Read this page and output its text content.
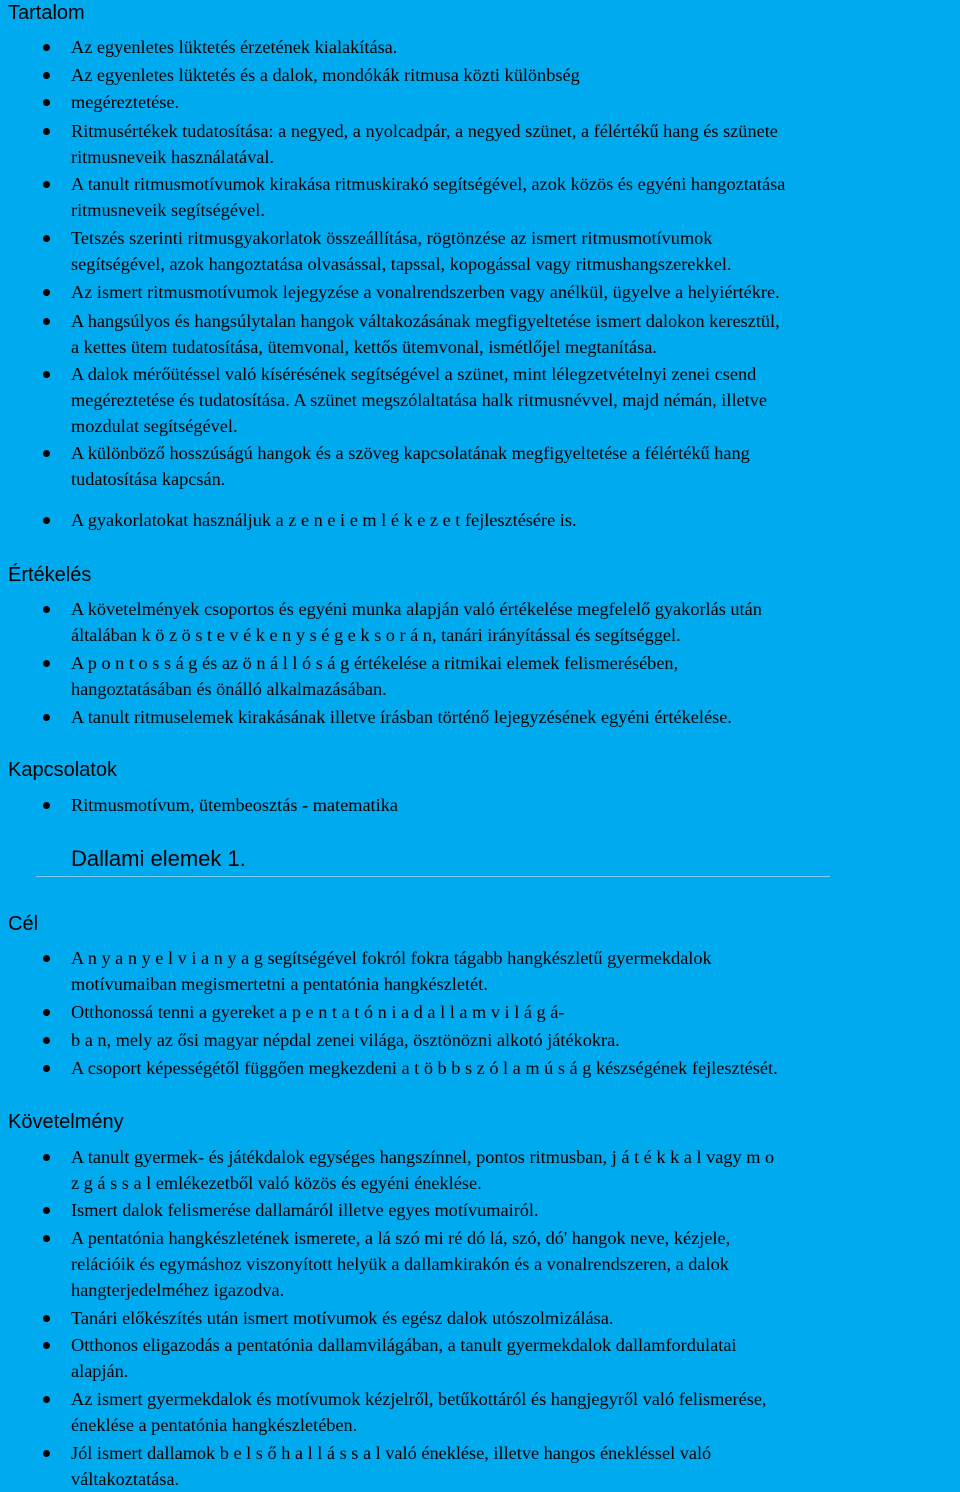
Tartalom
Az egyenletes lüktetés érzetének kialakítása.
Az egyenletes lüktetés és a dalok, mondókák ritmusa közti különbség
megéreztetése.
Ritmusértékek tudatosítása: a negyed, a nyolcadpár, a negyed szünet, a félértékű hang és szünete
ritmusneveik használatával.
A tanult ritmusmotívumok kirakása ritmuskirakó segítségével, azok közös és egyéni hangoztatása
ritmusneveik segítségével.
Tetszés szerinti ritmusgyakorlatok összeállítása, rögtönzése az ismert ritmusmotívumok
segítségével, azok hangoztatása olvasással, tapssal, kopogással vagy ritmushangszerekkel.
Az ismert ritmusmotívumok lejegyzése a vonalrendszerben vagy anélkül, ügyelve a helyiértékre.
A hangsúlyos és hangsúlytalan hangok váltakozásának megfigyeltetése ismert dalokon keresztül,
a kettes ütem tudatosítása, ütemvonal, kettős ütemvonal, ismétlőjel megtanítása.
A dalok mérőütéssel való kísérésének segítségével a szünet, mint lélegzetvételnyi zenei csend
megéreztetése és tudatosítása. A szünet megszólaltatása halk ritmusnévvel, majd némán, illetve
mozdulat segítségével.
A különböző hosszúságú hangok és a szöveg kapcsolatának megfigyeltetése a félértékű hang
tudatosítása kapcsán.
A gyakorlatokat használjuk a z e n e i e m l é k e z e t fejlesztésére is.
Értékelés
A követelmények csoportos és egyéni munka alapján való értékelése megfelelő gyakorlás után
általában k ö z ö s t e v é k e n y s é g e k s o r á n, tanári irányítással és segítséggel.
A p o n t o s s á g és az ö n á l l ó s á g értékelése a ritmikai elemek felismerésében,
hangoztatásában és önálló alkalmazásában.
A tanult ritmuselemek kirakásának illetve írásban történő lejegyzésének egyéni értékelése.
Kapcsolatok
Ritmusmotívum, ütembeosztás - matematika
Dallami elemek 1.
Cél
A n y a n y e l v i a n y a g segítségével fokról fokra tágabb hangkészletű gyermekdalok
motívumaiban megismertetni a pentatónia hangkészletét.
Otthonossá tenni a gyereket a p e n t a t ó n i a d a l l a m v i l á g á-
b a n, mely az ősi magyar népdal zenei világa, ösztönözni alkotó játékokra.
A csoport képességétől függően megkezdeni a t ö b b s z ó l a m ú s á g készségének fejlesztését.
Követelmény
A tanult gyermek- és játékdalok egységes hangszínnel, pontos ritmusban, j á t é k k a l vagy m o
z g á s s a l emlékezetből való közös és egyéni éneklése.
Ismert dalok felismerése dallamáról illetve egyes motívumairól.
A pentatónia hangkészletének ismerete, a lá szó mi ré dó lá, szó, dó' hangok neve, kézjele,
relációik és egymáshoz viszonyított helyük a dallamkirakón és a vonalrendszeren, a dalok
hangterjedelméhez igazodva.
Tanári előkészítés után ismert motívumok és egész dalok utószolmizálása.
Otthonos eligazodás a pentatónia dallamvilágában, a tanult gyermekdalok dallamfordulatai
alapján.
Az ismert gyermekdalok és motívumok kézjelről, betűkottáról és hangjegyről való felismerése,
éneklése a pentatónia hangkészletében.
Jól ismert dallamok b e l s ő h a l l á s s a l való éneklése, illetve hangos énekléssel való
váltakoztatása.
